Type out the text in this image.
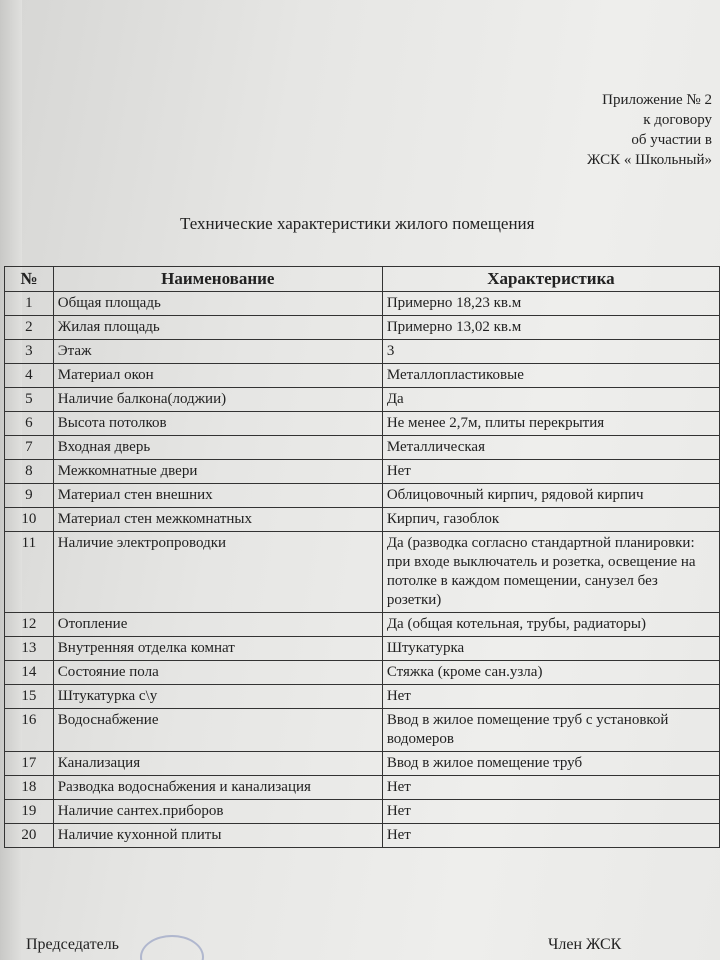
Приложение № 2
к договору
об участии в
ЖСК « Школьный»
Технические характеристики жилого помещения
№	Наименование	Характеристика
1	Общая площадь	Примерно 18,23 кв.м
2	Жилая площадь	Примерно 13,02 кв.м
3	Этаж	3
4	Материал окон	Металлопластиковые
5	Наличие балкона(лоджии)	Да
6	Высота потолков	Не менее 2,7м, плиты перекрытия
7	Входная дверь	Металлическая
8	Межкомнатные двери	Нет
9	Материал стен внешних	Облицовочный кирпич, рядовой кирпич
10	Материал стен межкомнатных	Кирпич, газоблок
11	Наличие электропроводки	Да (разводка согласно стандартной планировки: при входе выключатель и розетка, освещение на потолке в каждом помещении, санузел без розетки)
12	Отопление	Да (общая котельная, трубы, радиаторы)
13	Внутренняя отделка комнат	Штукатурка
14	Состояние пола	Стяжка (кроме сан.узла)
15	Штукатурка с\у	Нет
16	Водоснабжение	Ввод в жилое помещение труб с установкой водомеров
17	Канализация	Ввод в жилое помещение труб
18	Разводка водоснабжения и канализация	Нет
19	Наличие сантех.приборов	Нет
20	Наличие кухонной плиты	Нет
Председатель	Член ЖСК
